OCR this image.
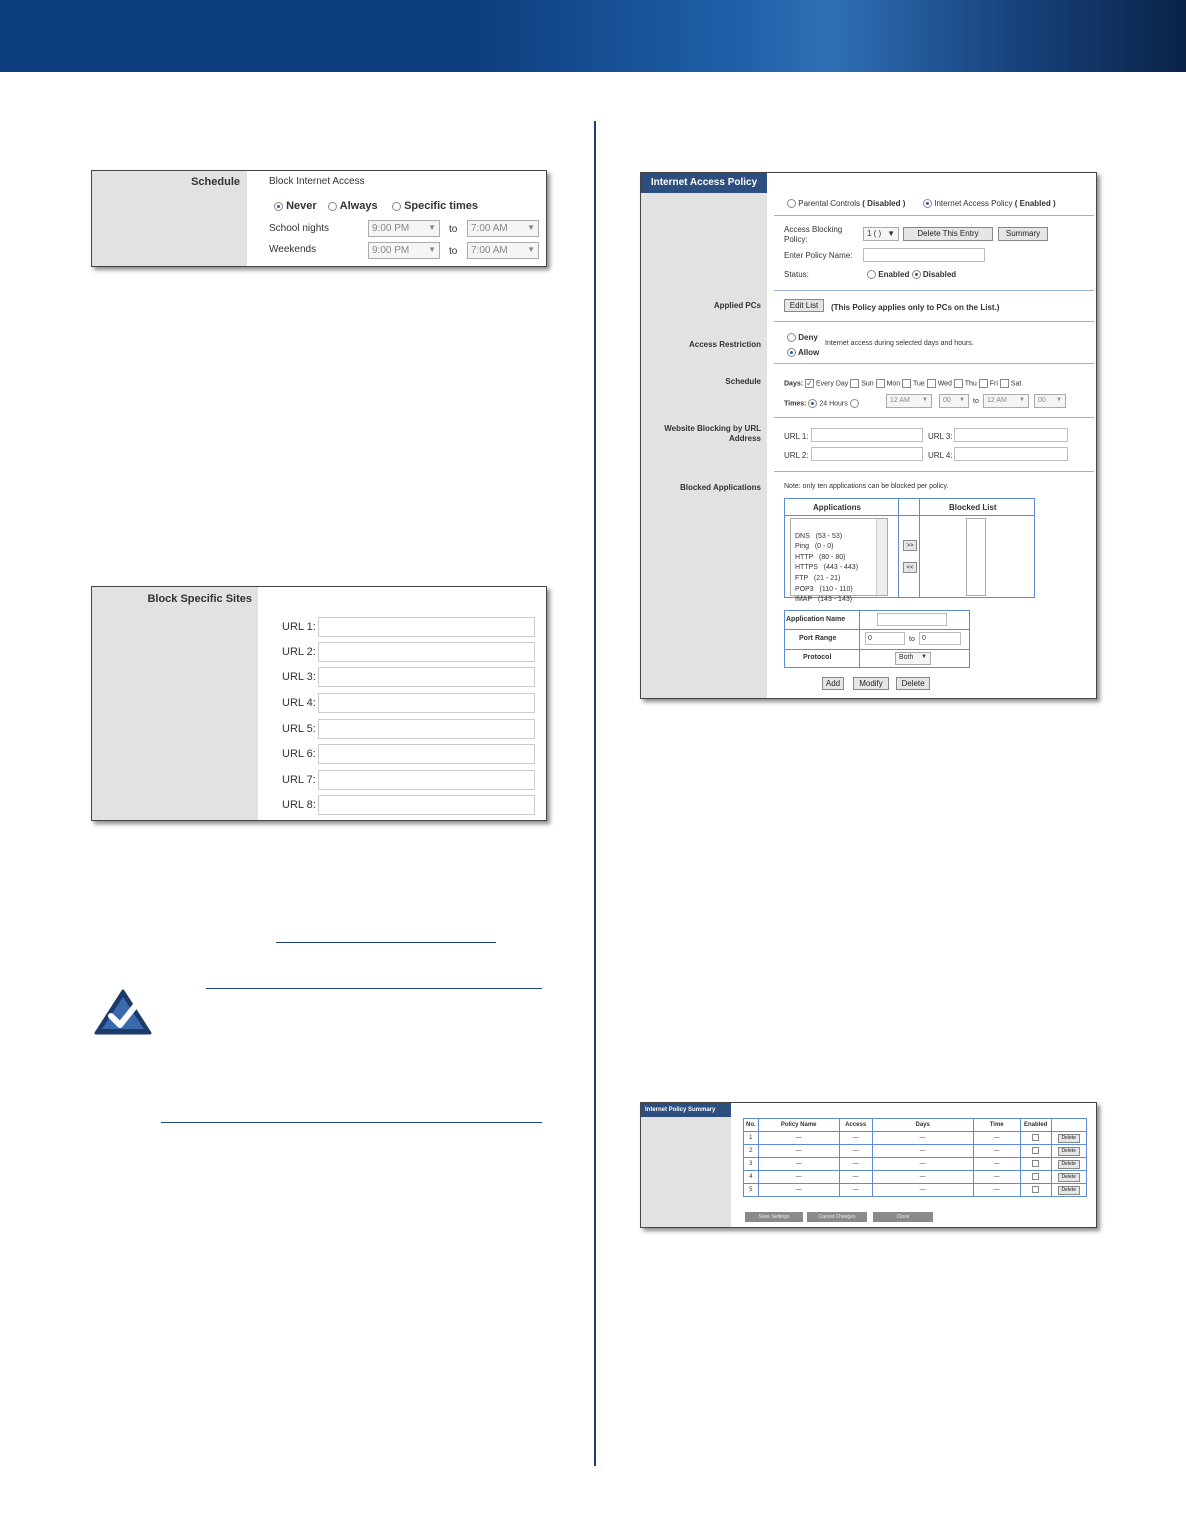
Schedule	Block Internet Access
Never	Always	Specific times
School nights	9:00 PM ▼ to	7:00 AM ▼
Weekends	9:00 PM ▼ to	7:00 AM ▼
Block Specific Sites
URL 1:
URL 2:
URL 3:
URL 4:
URL 5:
URL 6:
URL 7:
URL 8:
Internet Access Policy
Parental Controls ( Disabled )	Internet Access Policy ( Enabled )
Access Blocking Policy:
1 ( ) ▼	Delete This Entry	Summary
Enter Policy Name:
Status:	Enabled Disabled
Applied PCs	Edit List	(This Policy applies only to PCs on the List.)
Access Restriction
Deny
Allow
Internet access during selected days and hours.
Schedule	Days: ✓ Every Day Sun Mon Tue Wed Thu Fri Sat
Times: 24 Hours	12 AM ▼	00 ▼ to	12 AM ▼	00 ▼
Website Blocking by URL Address	URL 1:
URL 2:
URL 3:
URL 4:
Blocked Applications	Note: only ten applications can be blocked per policy.
Applications	Blocked List

DNS   (53 - 53)
Ping   (0 - 0)
HTTP   (80 - 80)
HTTPS   (443 - 443)
FTP   (21 - 21)
POP3   (110 - 110)
IMAP   (143 - 143)

>>
<<
Application Name
Port Range	0	to 0
Protocol	Both ▼
Add	Modify	Delete
Internet Policy Summary
No.	Policy Name	Access	Days	Time	Enabled	
1	—	—	—	—		Delete
2	—	—	—	—		Delete
3	—	—	—	—		Delete
4	—	—	—	—		Delete
5	—	—	—	—		Delete
Save Settings	Cancel Changes	Close
